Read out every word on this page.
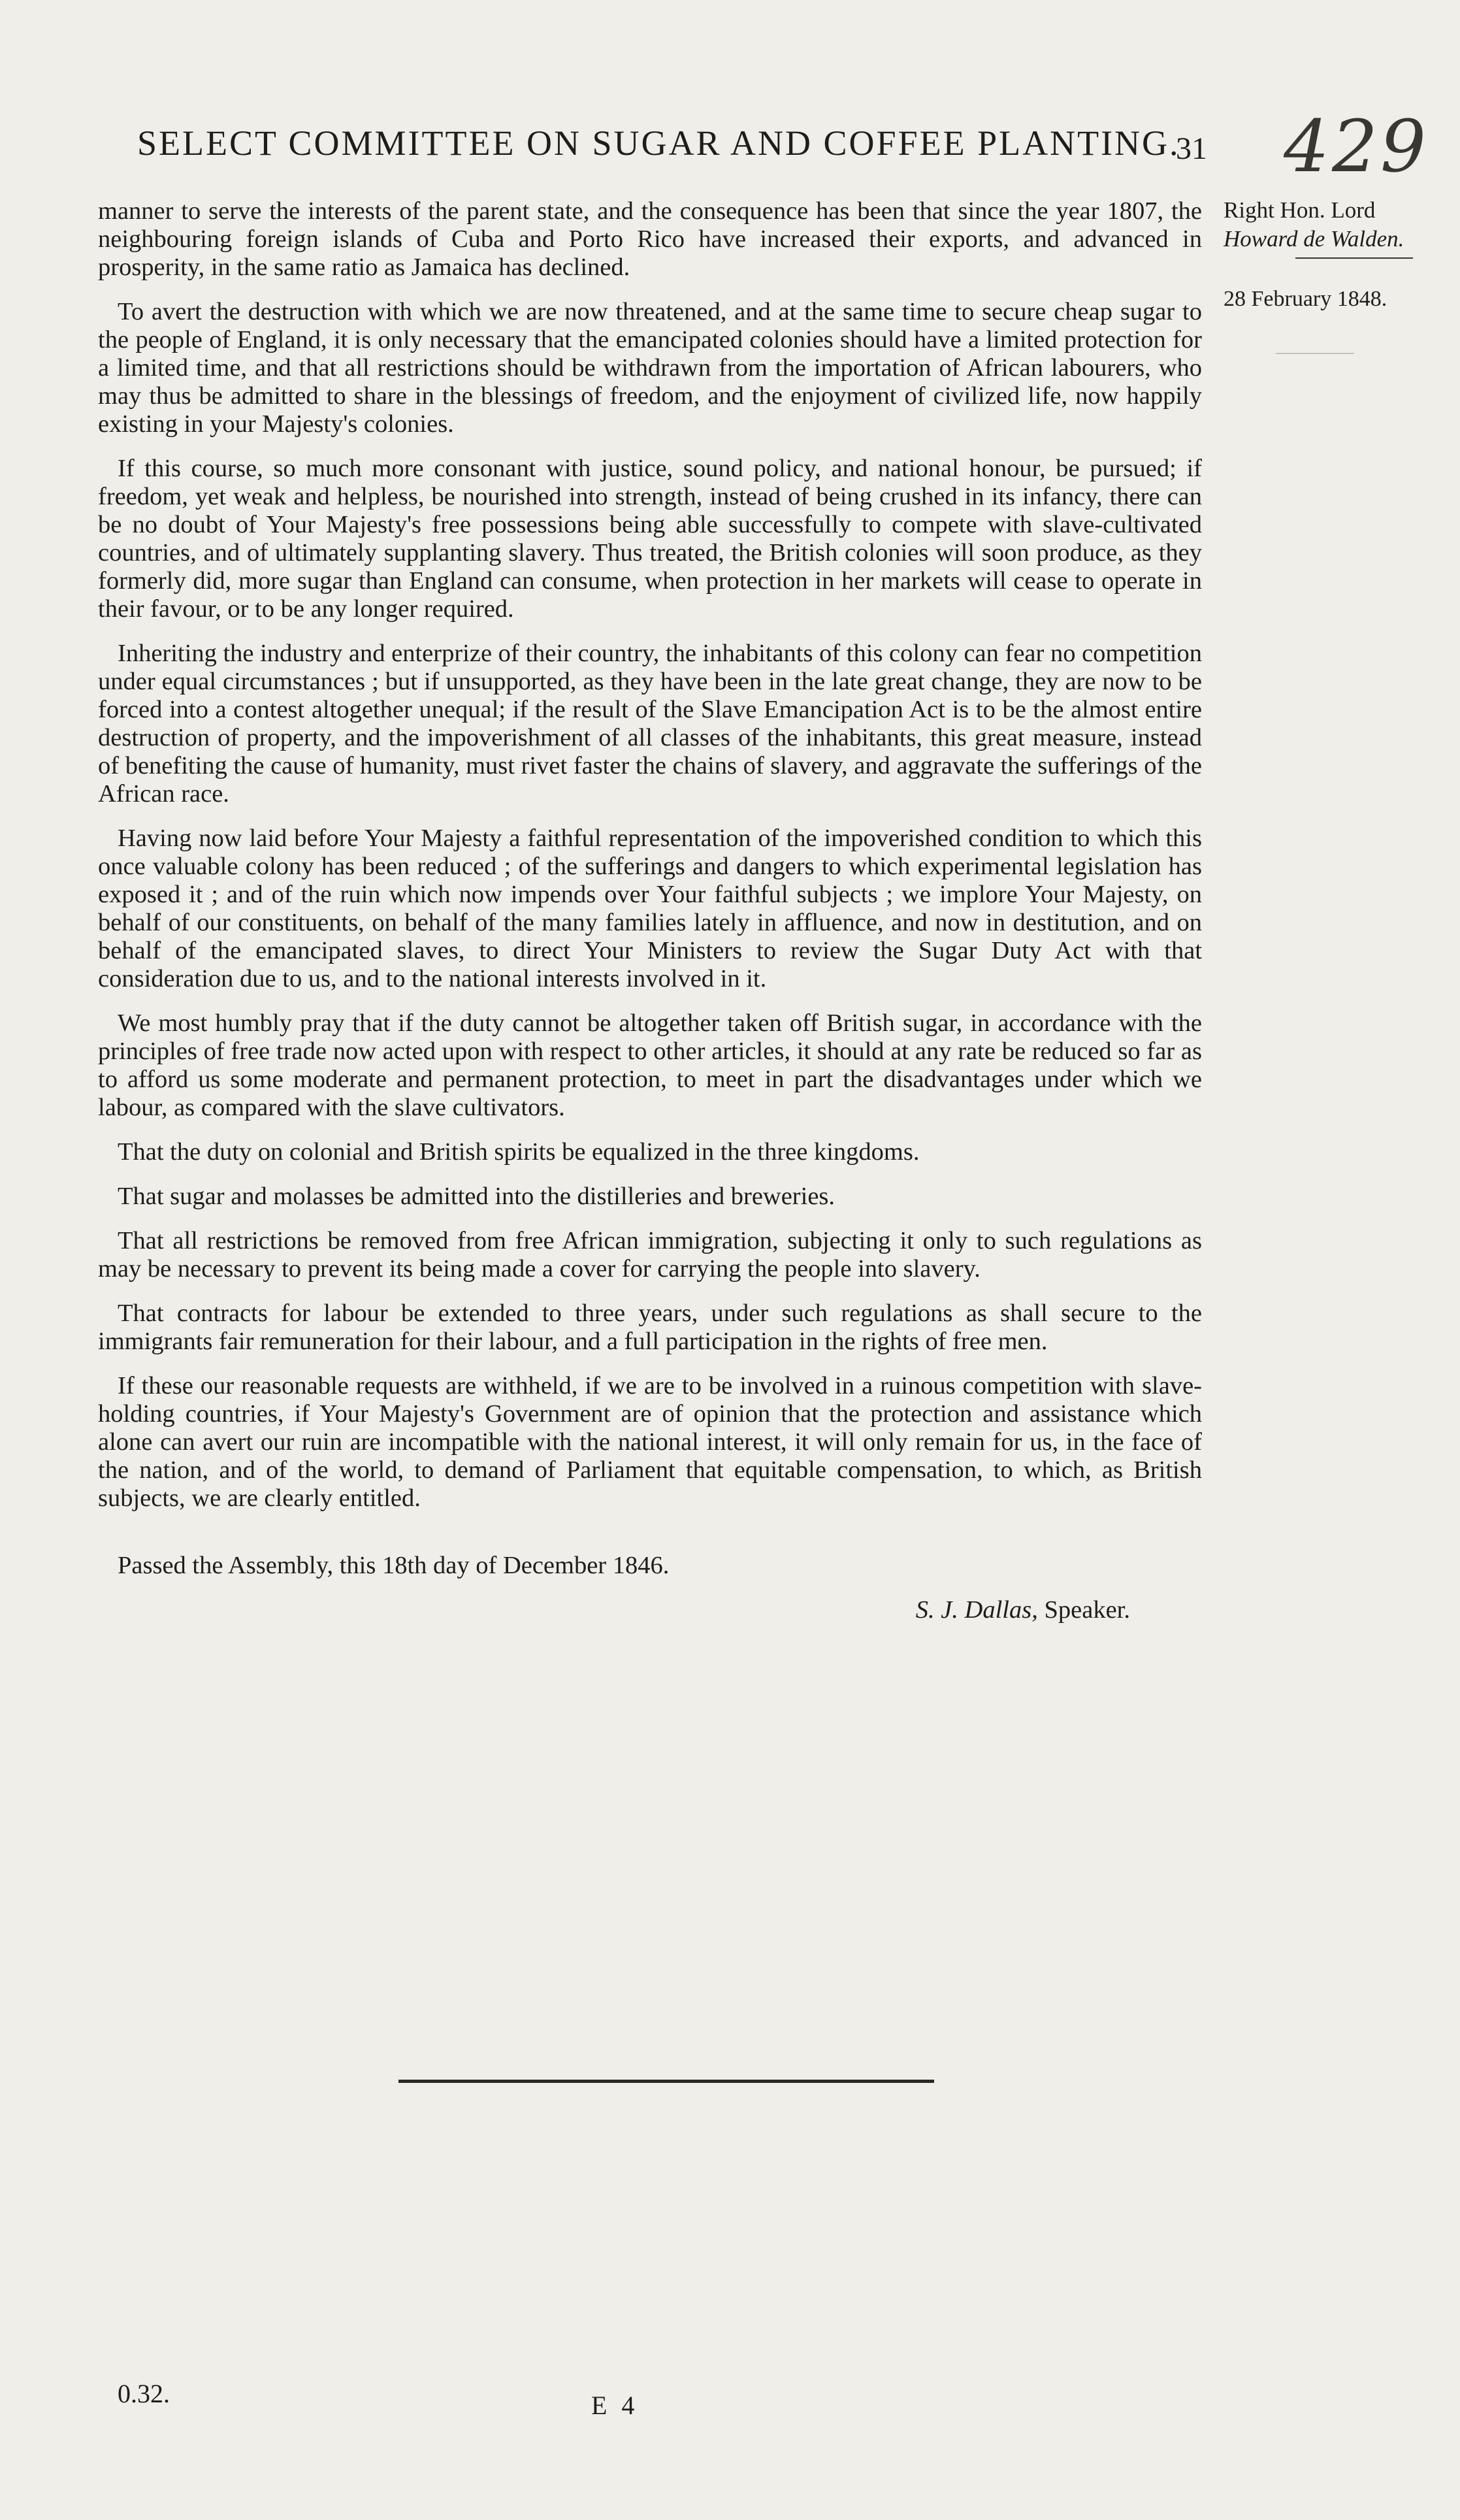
SELECT COMMITTEE ON SUGAR AND COFFEE PLANTING.
31 429
Right Hon. Lord
Howard de Walden.
28 February 1848.

manner to serve the interests of the parent state, and the consequence has been that since the year 1807, the neighbouring foreign islands of Cuba and Porto Rico have increased their exports, and advanced in prosperity, in the same ratio as Jamaica has declined.

To avert the destruction with which we are now threatened, and at the same time to secure cheap sugar to the people of England, it is only necessary that the emancipated colonies should have a limited protection for a limited time, and that all restrictions should be withdrawn from the importation of African labourers, who may thus be admitted to share in the blessings of freedom, and the enjoyment of civilized life, now happily existing in your Majesty's colonies.

If this course, so much more consonant with justice, sound policy, and national honour, be pursued; if freedom, yet weak and helpless, be nourished into strength, instead of being crushed in its infancy, there can be no doubt of Your Majesty's free possessions being able successfully to compete with slave-cultivated countries, and of ultimately supplanting slavery. Thus treated, the British colonies will soon produce, as they formerly did, more sugar than England can consume, when protection in her markets will cease to operate in their favour, or to be any longer required.

Inheriting the industry and enterprize of their country, the inhabitants of this colony can fear no competition under equal circumstances ; but if unsupported, as they have been in the late great change, they are now to be forced into a contest altogether unequal; if the result of the Slave Emancipation Act is to be the almost entire destruction of property, and the impoverishment of all classes of the inhabitants, this great measure, instead of benefiting the cause of humanity, must rivet faster the chains of slavery, and aggravate the sufferings of the African race.

Having now laid before Your Majesty a faithful representation of the impoverished condition to which this once valuable colony has been reduced ; of the sufferings and dangers to which experimental legislation has exposed it ; and of the ruin which now impends over Your faithful subjects ; we implore Your Majesty, on behalf of our constituents, on behalf of the many families lately in affluence, and now in destitution, and on behalf of the emancipated slaves, to direct Your Ministers to review the Sugar Duty Act with that consideration due to us, and to the national interests involved in it.

We most humbly pray that if the duty cannot be altogether taken off British sugar, in accordance with the principles of free trade now acted upon with respect to other articles, it should at any rate be reduced so far as to afford us some moderate and permanent protection, to meet in part the disadvantages under which we labour, as compared with the slave cultivators.

That the duty on colonial and British spirits be equalized in the three kingdoms.

That sugar and molasses be admitted into the distilleries and breweries.

That all restrictions be removed from free African immigration, subjecting it only to such regulations as may be necessary to prevent its being made a cover for carrying the people into slavery.

That contracts for labour be extended to three years, under such regulations as shall secure to the immigrants fair remuneration for their labour, and a full participation in the rights of free men.

If these our reasonable requests are withheld, if we are to be involved in a ruinous competition with slave-holding countries, if Your Majesty's Government are of opinion that the protection and assistance which alone can avert our ruin are incompatible with the national interest, it will only remain for us, in the face of the nation, and of the world, to demand of Parliament that equitable compensation, to which, as British subjects, we are clearly entitled.

Passed the Assembly, this 18th day of December 1846.

S. J. Dallas, Speaker.
0.32.	E 4
